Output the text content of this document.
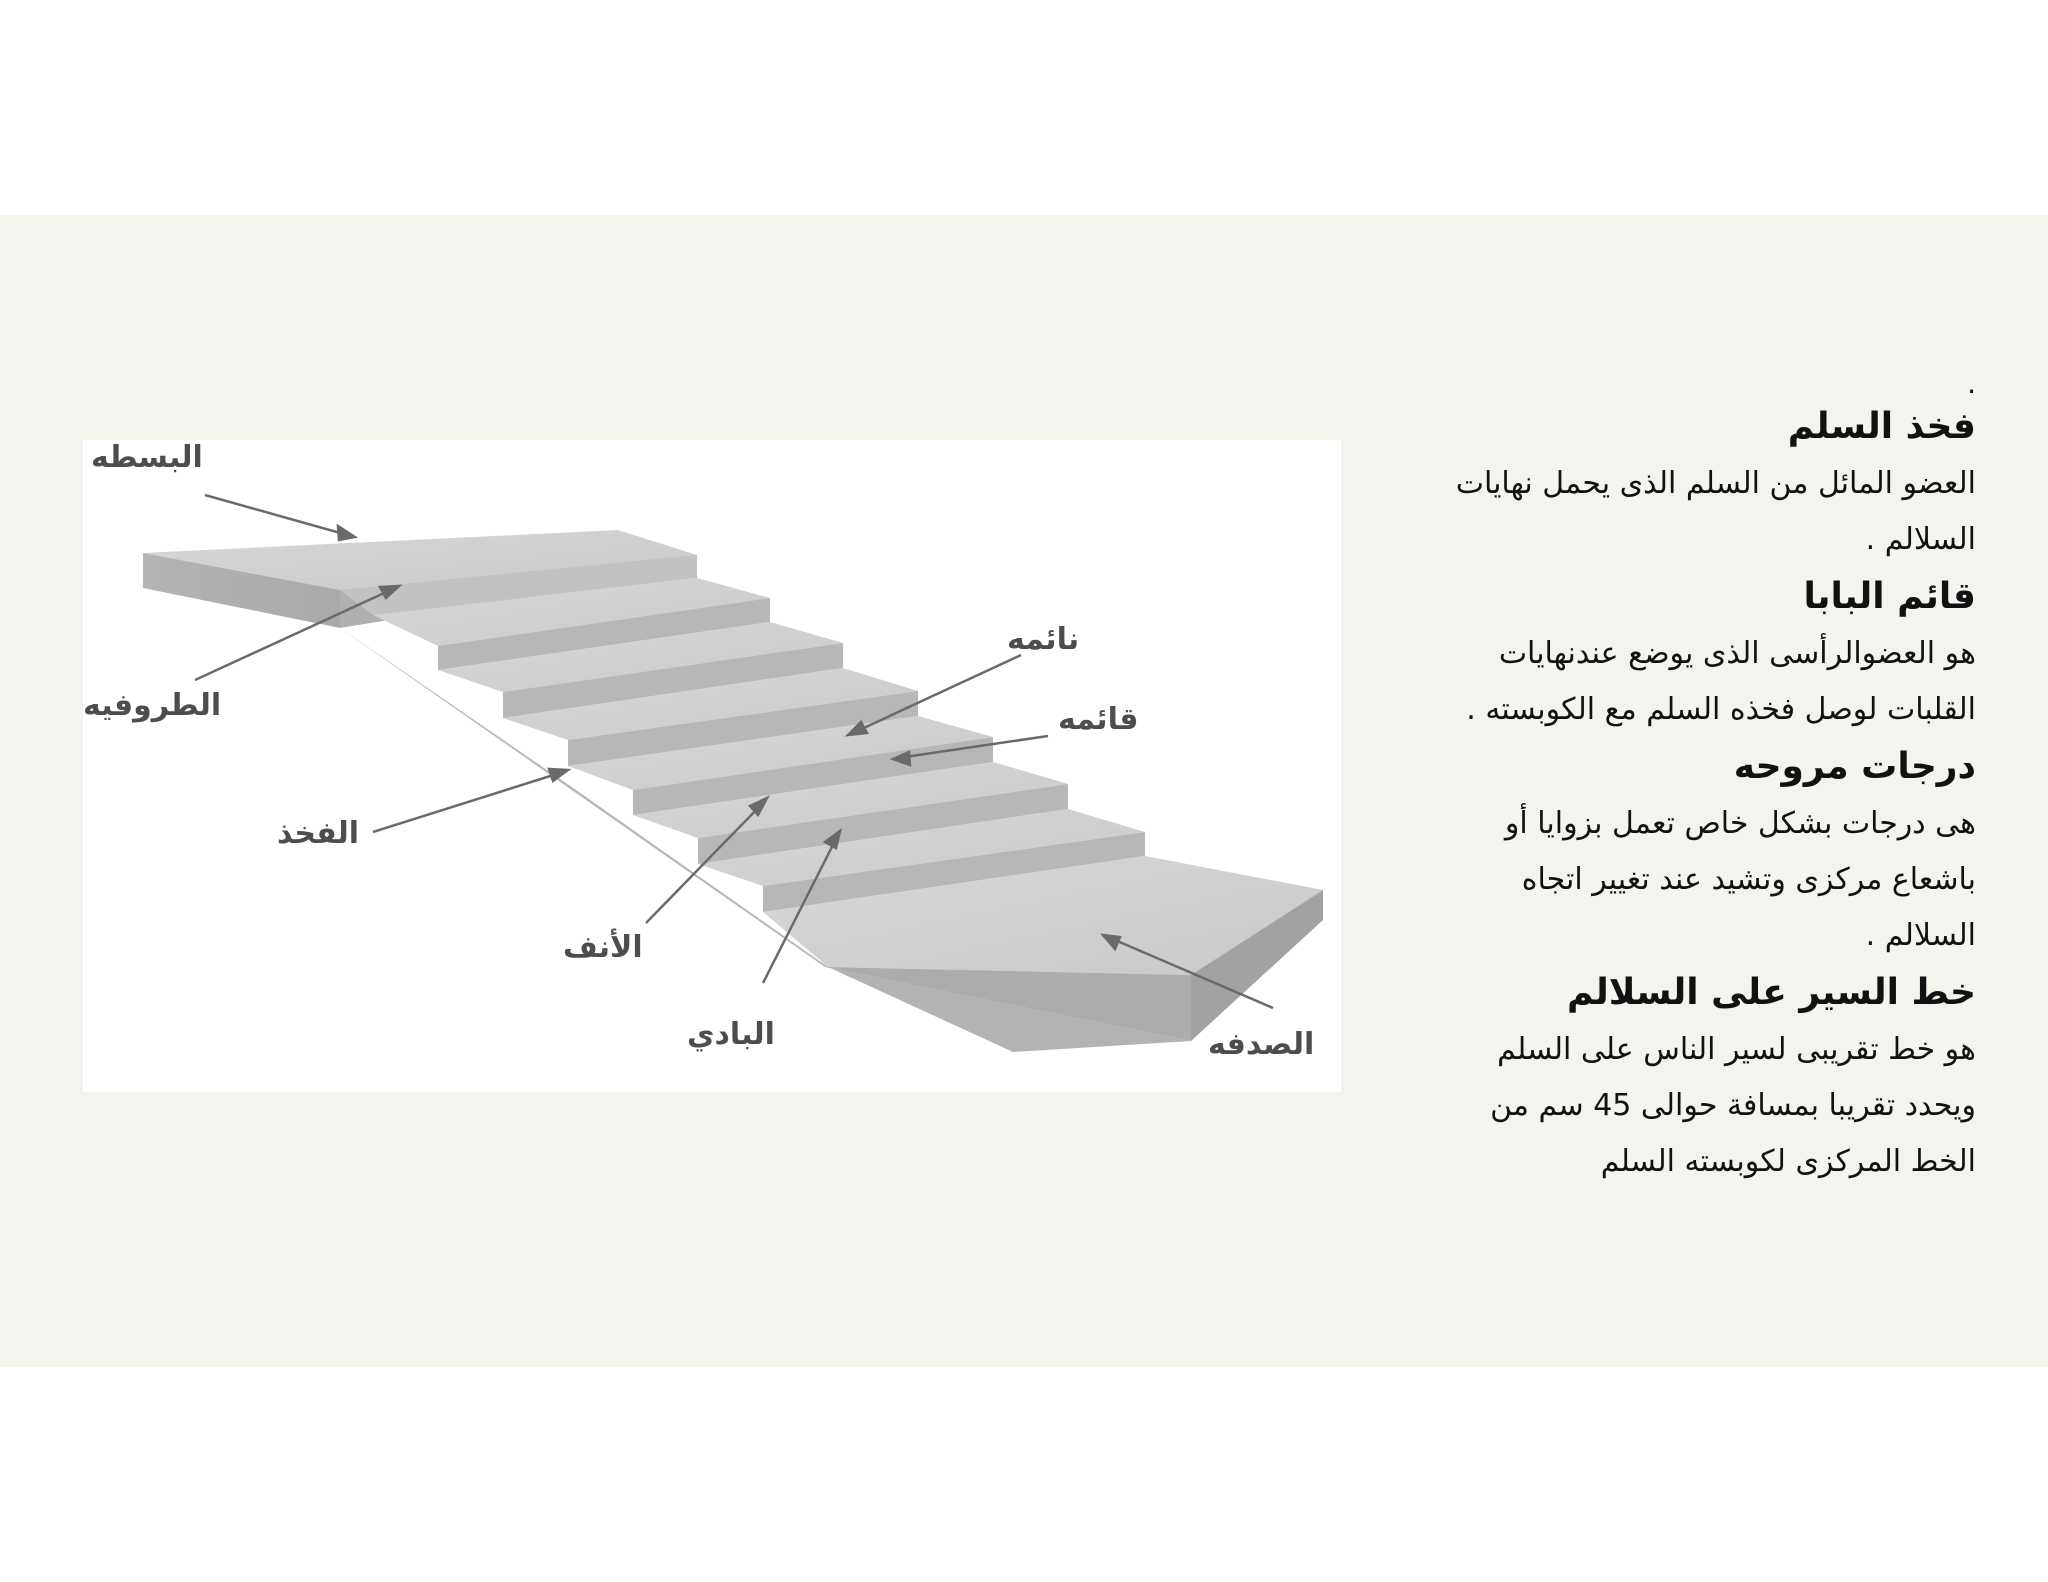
البسطه
الطروفيه
الفخذ
نائمه
قائمه
الأنف
البادي	الصدفه
.
فخذ السلم
العضو المائل من السلم الذى يحمل نهايات
السلالم .
قائم البابا
هو العضوالرأسى الذى يوضع عندنهايات
القلبات لوصل فخذه السلم مع الكوبسته .
درجات مروحه
هى درجات بشكل خاص تعمل بزوايا أو
باشعاع مركزى وتشيد عند تغيير اتجاه
السلالم .
خط السير على السلالم
هو خط تقريبى لسير الناس على السلم
ويحدد تقريبا بمسافة حوالى 45 سم من
الخط المركزى لكوبسته السلم
